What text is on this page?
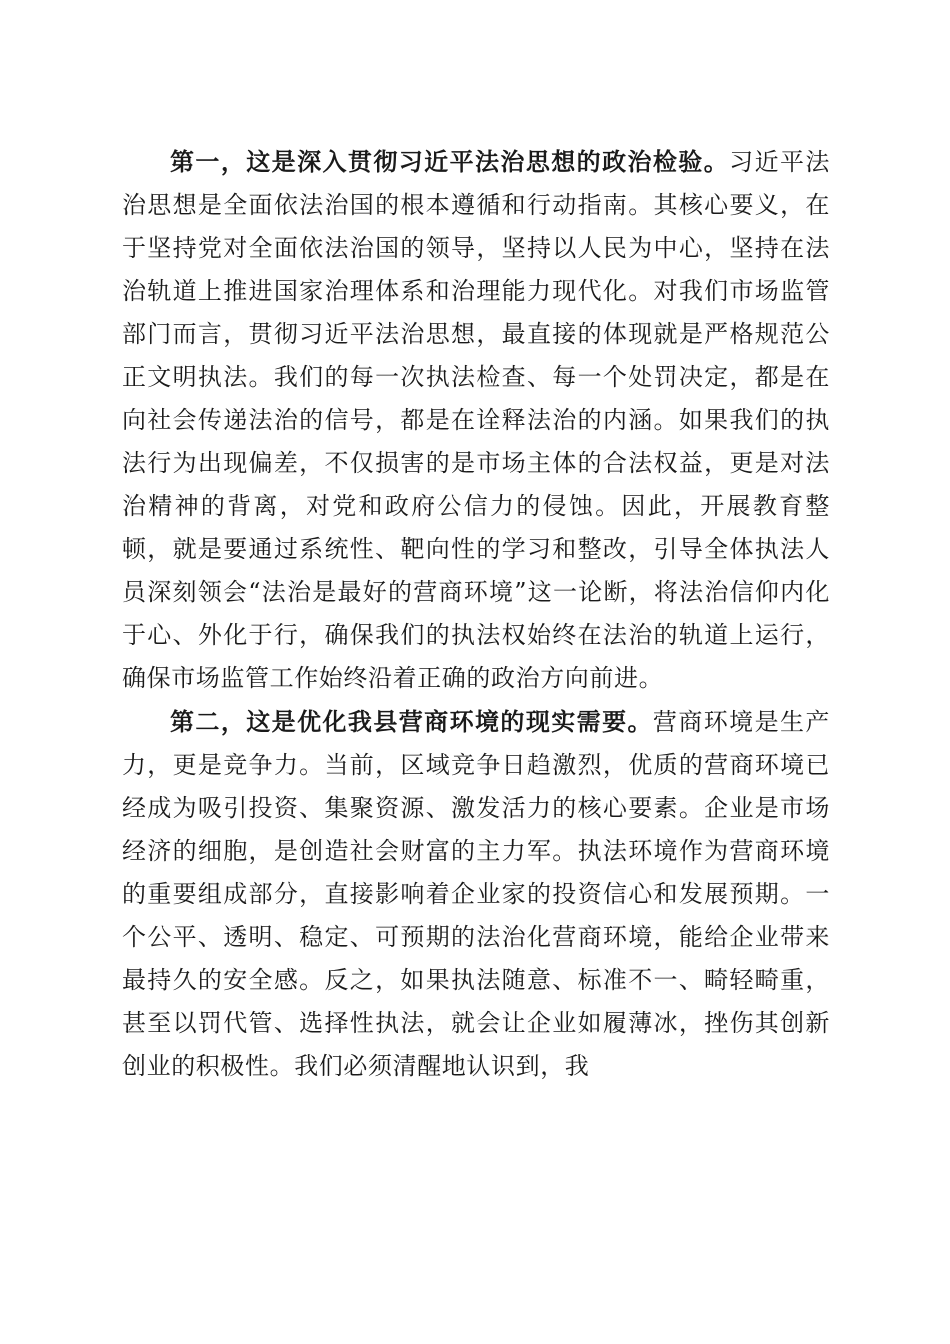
第一，这是深入贯彻习近平法治思想的政治检验。习近平法治思想是全面依法治国的根本遵循和行动指南。其核心要义，在于坚持党对全面依法治国的领导，坚持以人民为中心，坚持在法治轨道上推进国家治理体系和治理能力现代化。对我们市场监管部门而言，贯彻习近平法治思想，最直接的体现就是严格规范公正文明执法。我们的每一次执法检查、每一个处罚决定，都是在向社会传递法治的信号，都是在诠释法治的内涵。如果我们的执法行为出现偏差，不仅损害的是市场主体的合法权益，更是对法治精神的背离，对党和政府公信力的侵蚀。因此，开展教育整顿，就是要通过系统性、靶向性的学习和整改，引导全体执法人员深刻领会“法治是最好的营商环境”这一论断，将法治信仰内化于心、外化于行，确保我们的执法权始终在法治的轨道上运行，确保市场监管工作始终沿着正确的政治方向前进。

第二，这是优化我县营商环境的现实需要。营商环境是生产力，更是竞争力。当前，区域竞争日趋激烈，优质的营商环境已经成为吸引投资、集聚资源、激发活力的核心要素。企业是市场经济的细胞，是创造社会财富的主力军。执法环境作为营商环境的重要组成部分，直接影响着企业家的投资信心和发展预期。一个公平、透明、稳定、可预期的法治化营商环境，能给企业带来最持久的安全感。反之，如果执法随意、标准不一、畸轻畸重，甚至以罚代管、选择性执法，就会让企业如履薄冰，挫伤其创新创业的积极性。我们必须清醒地认识到，我
